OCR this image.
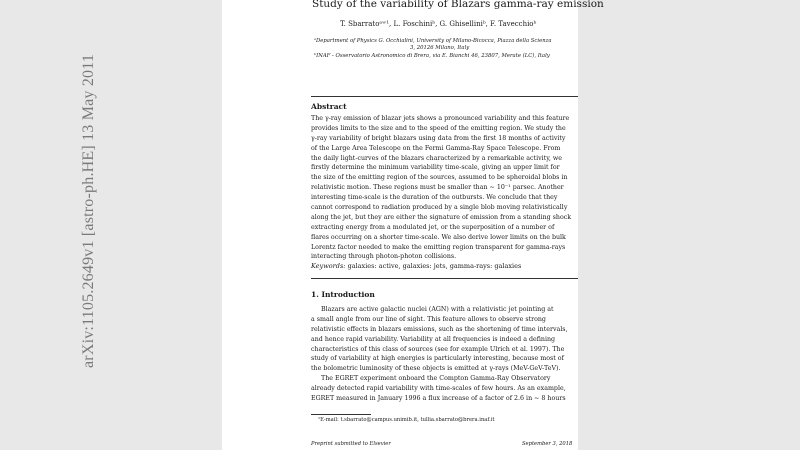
arXiv:1105.2649v1 [astro-ph.HE] 13 May 2011
Study of the variability of Blazars gamma-ray emission
T. Sbarratoᵃʷ¹, L. Foschiniᵇ, G. Ghiselliniᵇ, F. Tavecchioᵇ
ᵃDepartment of Physics G. Occhialini, University of Milano-Bicocca, Piazza della Scienza
3, 20126 Milano, Italy
ᵇINAF - Osservatorio Astronomico di Brera, via E. Bianchi 46, 23807, Merate (LC), Italy
Abstract
The γ-ray emission of blazar jets shows a pronounced variability and this feature
provides limits to the size and to the speed of the emitting region. We study the
γ-ray variability of bright blazars using data from the first 18 months of activity
of the Large Area Telescope on the Fermi Gamma-Ray Space Telescope. From
the daily light-curves of the blazars characterized by a remarkable activity, we
firstly determine the minimum variability time-scale, giving an upper limit for
the size of the emitting region of the sources, assumed to be spheroidal blobs in
relativistic motion. These regions must be smaller than ~ 10⁻¹ parsec. Another
interesting time-scale is the duration of the outbursts. We conclude that they
cannot correspond to radiation produced by a single blob moving relativistically
along the jet, but they are either the signature of emission from a standing shock
extracting energy from a modulated jet, or the superposition of a number of
flares occurring on a shorter time-scale. We also derive lower limits on the bulk
Lorentz factor needed to make the emitting region transparent for gamma-rays
interacting through photon-photon collisions.
Keywords: galaxies: active, galaxies: jets, gamma-rays: galaxies
1. Introduction
Blazars are active galactic nuclei (AGN) with a relativistic jet pointing at
a small angle from our line of sight. This feature allows to observe strong
relativistic effects in blazars emissions, such as the shortening of time intervals,
and hence rapid variability. Variability at all frequencies is indeed a defining
characteristics of this class of sources (see for example Ulrich et al. 1997). The
study of variability at high energies is particularly interesting, because most of
the bolometric luminosity of these objects is emitted at γ-rays (MeV-GeV-TeV).
The EGRET experiment onboard the Compton Gamma-Ray Observatory
already detected rapid variability with time-scales of few hours. As an example,
EGRET measured in January 1996 a flux increase of a factor of 2.6 in ~ 8 hours
¹E-mail: t.sbarrato@campus.unimib.it, tullia.sbarrato@brera.inaf.it
Preprint submitted to Elsevier	September 3, 2018
